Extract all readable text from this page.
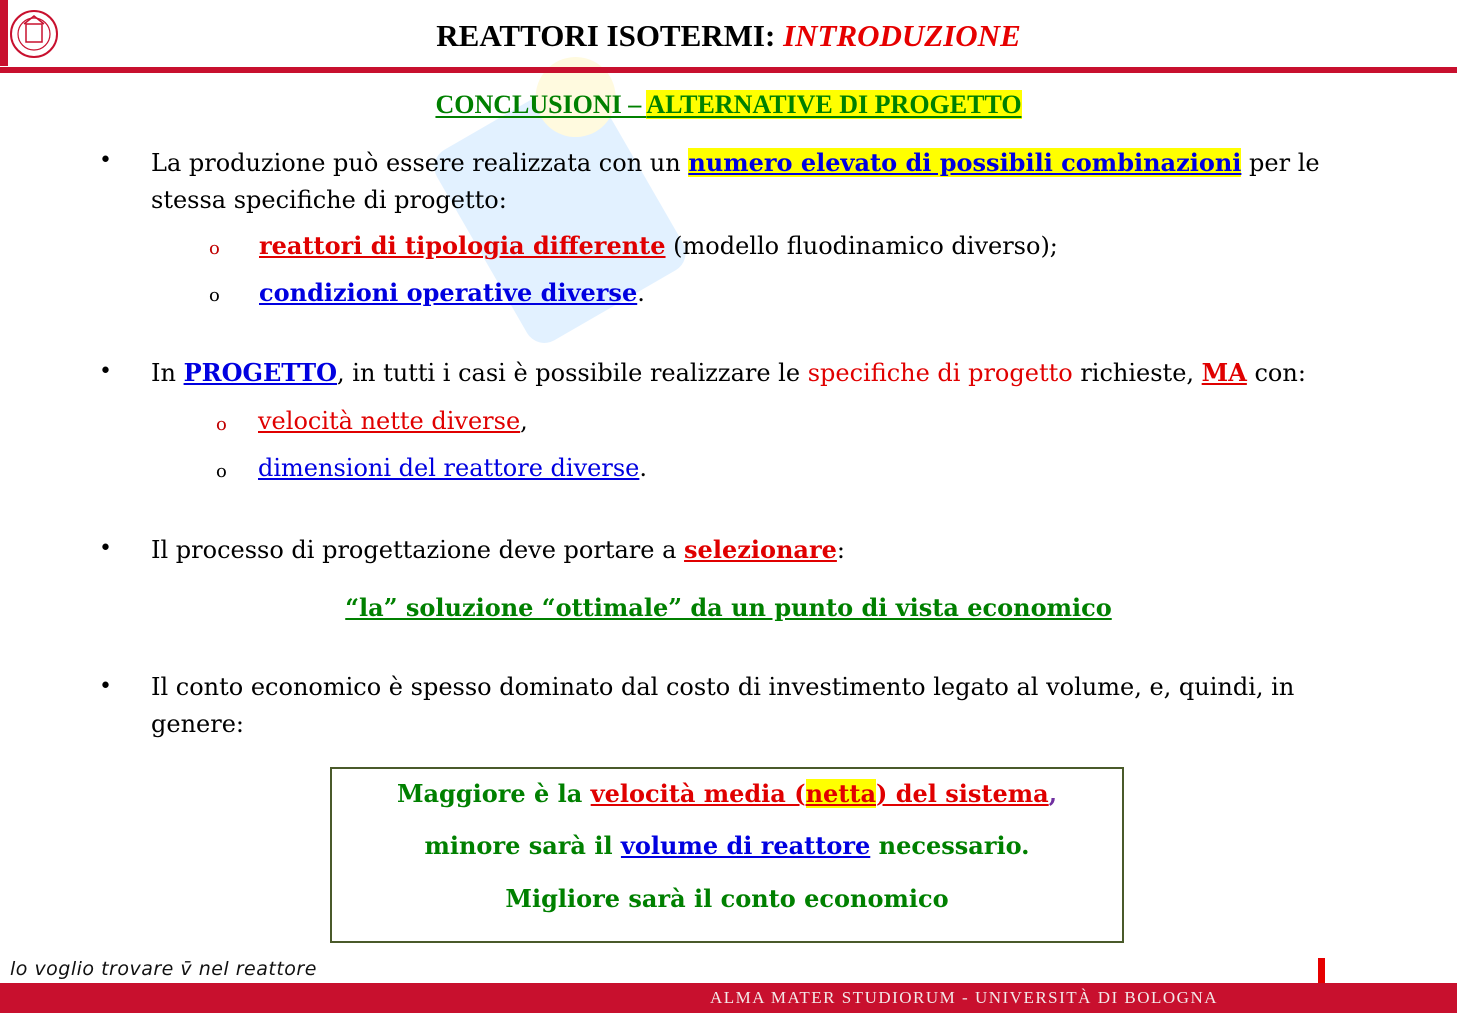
REATTORI ISOTERMI: INTRODUZIONE
CONCLUSIONI – ALTERNATIVE DI PROGETTO
• La produzione può essere realizzata con un numero elevato di possibili combinazioni per le
stessa specifiche di progetto:
o reattori di tipologia differente (modello fluodinamico diverso);
o condizioni operative diverse.
• In PROGETTO, in tutti i casi è possibile realizzare le specifiche di progetto richieste, MA con:
o velocità nette diverse,
o dimensioni del reattore diverse.
• Il processo di progettazione deve portare a selezionare:
“la” soluzione “ottimale” da un punto di vista economico
• Il conto economico è spesso dominato dal costo di investimento legato al volume, e, quindi, in
genere:
Maggiore è la velocità media (netta) del sistema,
minore sarà il volume di reattore necessario.
Migliore sarà il conto economico
lo voglio trovare v̄ nel reattore
ALMA MATER STUDIORUM - UNIVERSITÀ DI BOLOGNA
